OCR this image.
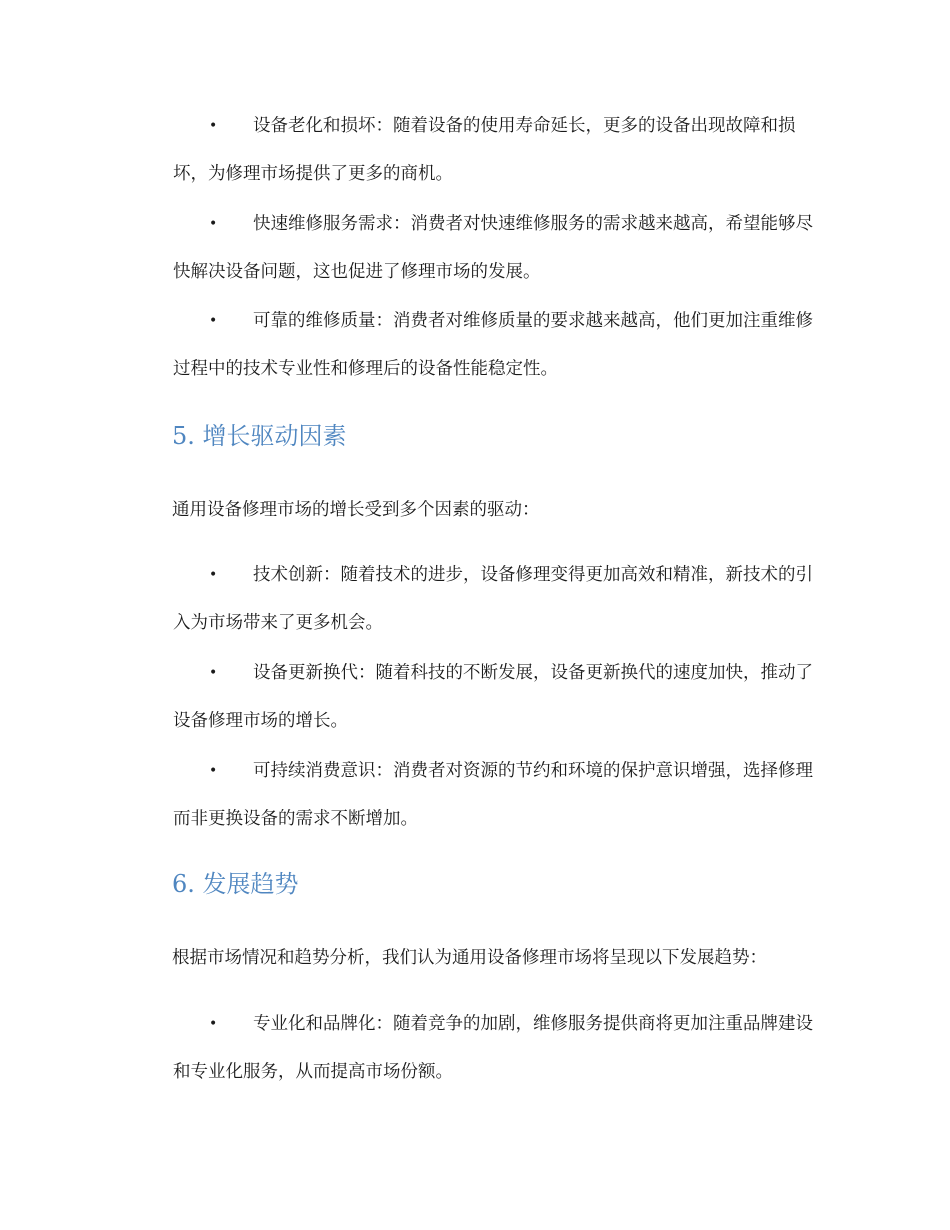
•	设备老化和损坏：随着设备的使用寿命延长，更多的设备出现故障和损坏，为修理市场提供了更多的商机。
•	快速维修服务需求：消费者对快速维修服务的需求越来越高，希望能够尽快解决设备问题，这也促进了修理市场的发展。
•	可靠的维修质量：消费者对维修质量的要求越来越高，他们更加注重维修过程中的技术专业性和修理后的设备性能稳定性。
5. 增长驱动因素

通用设备修理市场的增长受到多个因素的驱动：

•	技术创新：随着技术的进步，设备修理变得更加高效和精准，新技术的引入为市场带来了更多机会。
•	设备更新换代：随着科技的不断发展，设备更新换代的速度加快，推动了设备修理市场的增长。
•	可持续消费意识：消费者对资源的节约和环境的保护意识增强，选择修理而非更换设备的需求不断增加。
6. 发展趋势

根据市场情况和趋势分析，我们认为通用设备修理市场将呈现以下发展趋势：

•	专业化和品牌化：随着竞争的加剧，维修服务提供商将更加注重品牌建设和专业化服务，从而提高市场份额。
